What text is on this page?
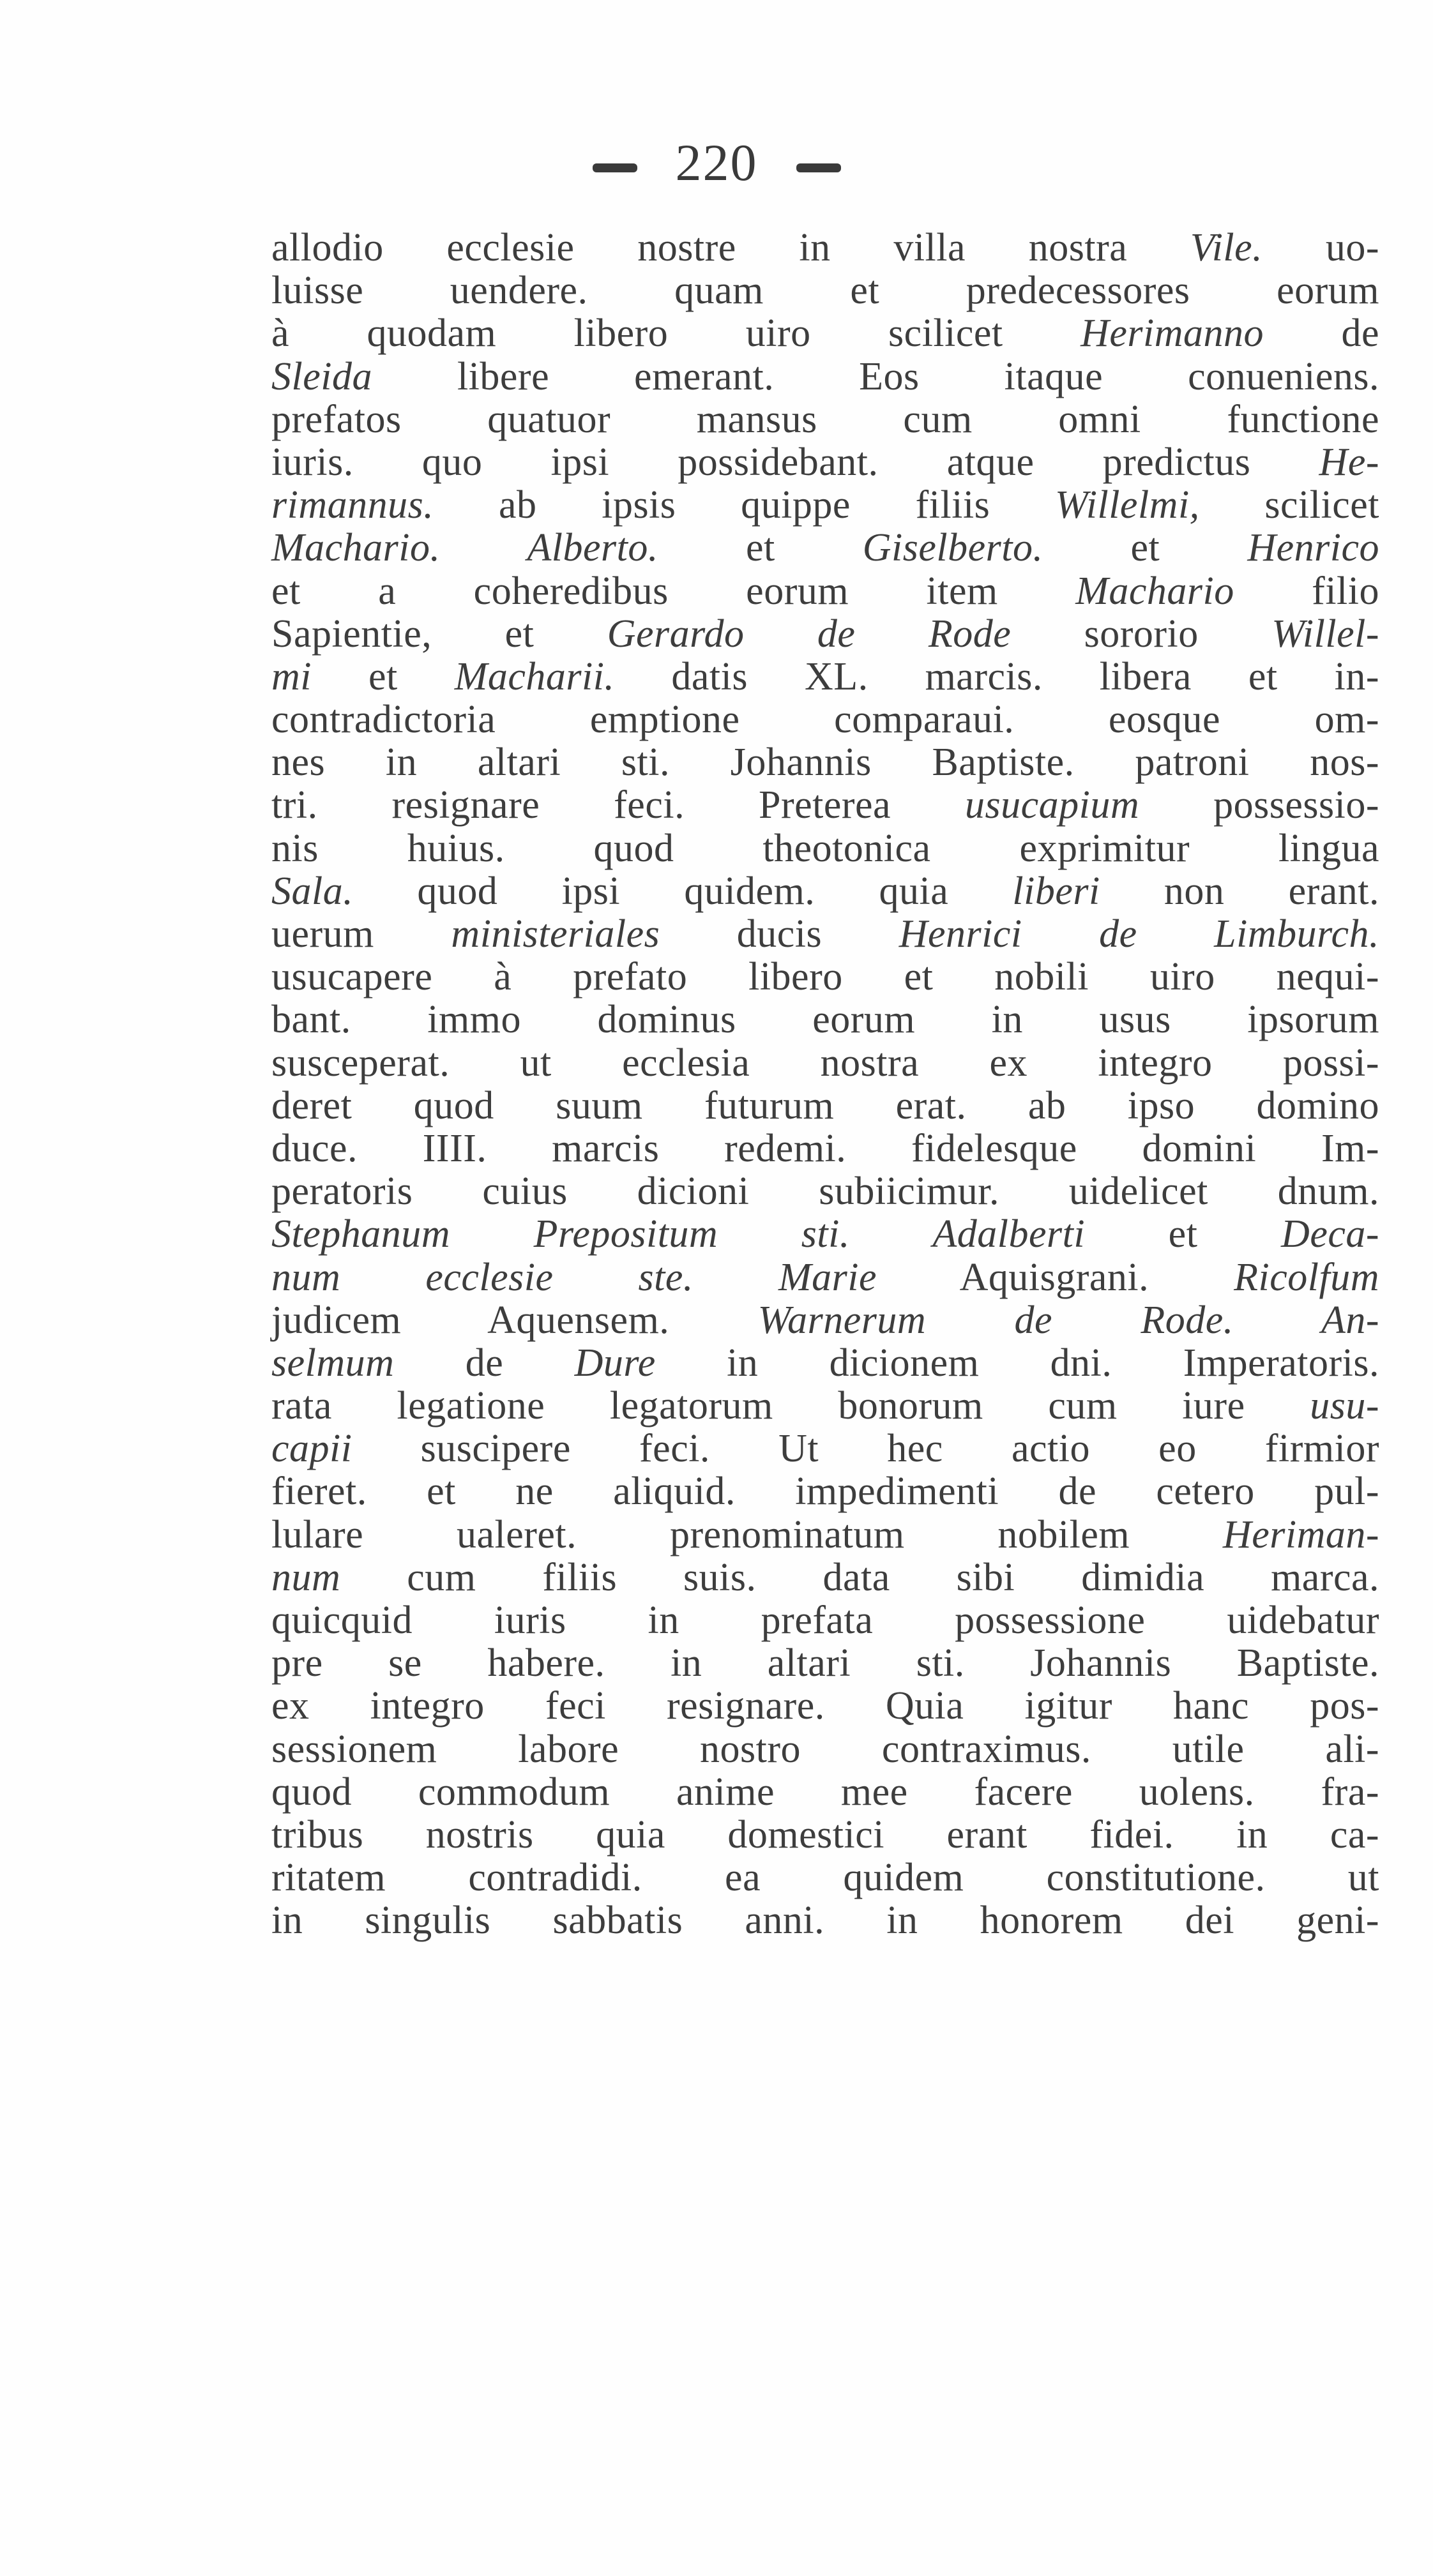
220
allodio ecclesie nostre in villa nostra Vile. uo-
luisse uendere. quam et predecessores eorum
à quodam libero uiro scilicet Herimanno de
Sleida libere emerant. Eos itaque conueniens.
prefatos quatuor mansus cum omni functione
iuris. quo ipsi possidebant. atque predictus He-
rimannus. ab ipsis quippe filiis Willelmi, scilicet
Machario. Alberto. et Giselberto. et Henrico
et a coheredibus eorum item Machario filio
Sapientie, et Gerardo de Rode sororio Willel-
mi et Macharii. datis XL. marcis. libera et in-
contradictoria emptione comparaui. eosque om-
nes in altari sti. Johannis Baptiste. patroni nos-
tri. resignare feci. Preterea usucapium possessio-
nis huius. quod theotonica exprimitur lingua
Sala. quod ipsi quidem. quia liberi non erant.
uerum ministeriales ducis Henrici de Limburch.
usucapere à prefato libero et nobili uiro nequi-
bant. immo dominus eorum in usus ipsorum
susceperat. ut ecclesia nostra ex integro possi-
deret quod suum futurum erat. ab ipso domino
duce. IIII. marcis redemi. fidelesque domini Im-
peratoris cuius dicioni subiicimur. uidelicet dnum.
Stephanum Prepositum sti. Adalberti et Deca-
num ecclesie ste. Marie Aquisgrani. Ricolfum
judicem Aquensem. Warnerum de Rode. An-
selmum de Dure in dicionem dni. Imperatoris.
rata legatione legatorum bonorum cum iure usu-
capii suscipere feci. Ut hec actio eo firmior
fieret. et ne aliquid. impedimenti de cetero pul-
lulare ualeret. prenominatum nobilem Heriman-
num cum filiis suis. data sibi dimidia marca.
quicquid iuris in prefata possessione uidebatur
pre se habere. in altari sti. Johannis Baptiste.
ex integro feci resignare. Quia igitur hanc pos-
sessionem labore nostro contraximus. utile ali-
quod commodum anime mee facere uolens. fra-
tribus nostris quia domestici erant fidei. in ca-
ritatem contradidi. ea quidem constitutione. ut
in singulis sabbatis anni. in honorem dei geni-
